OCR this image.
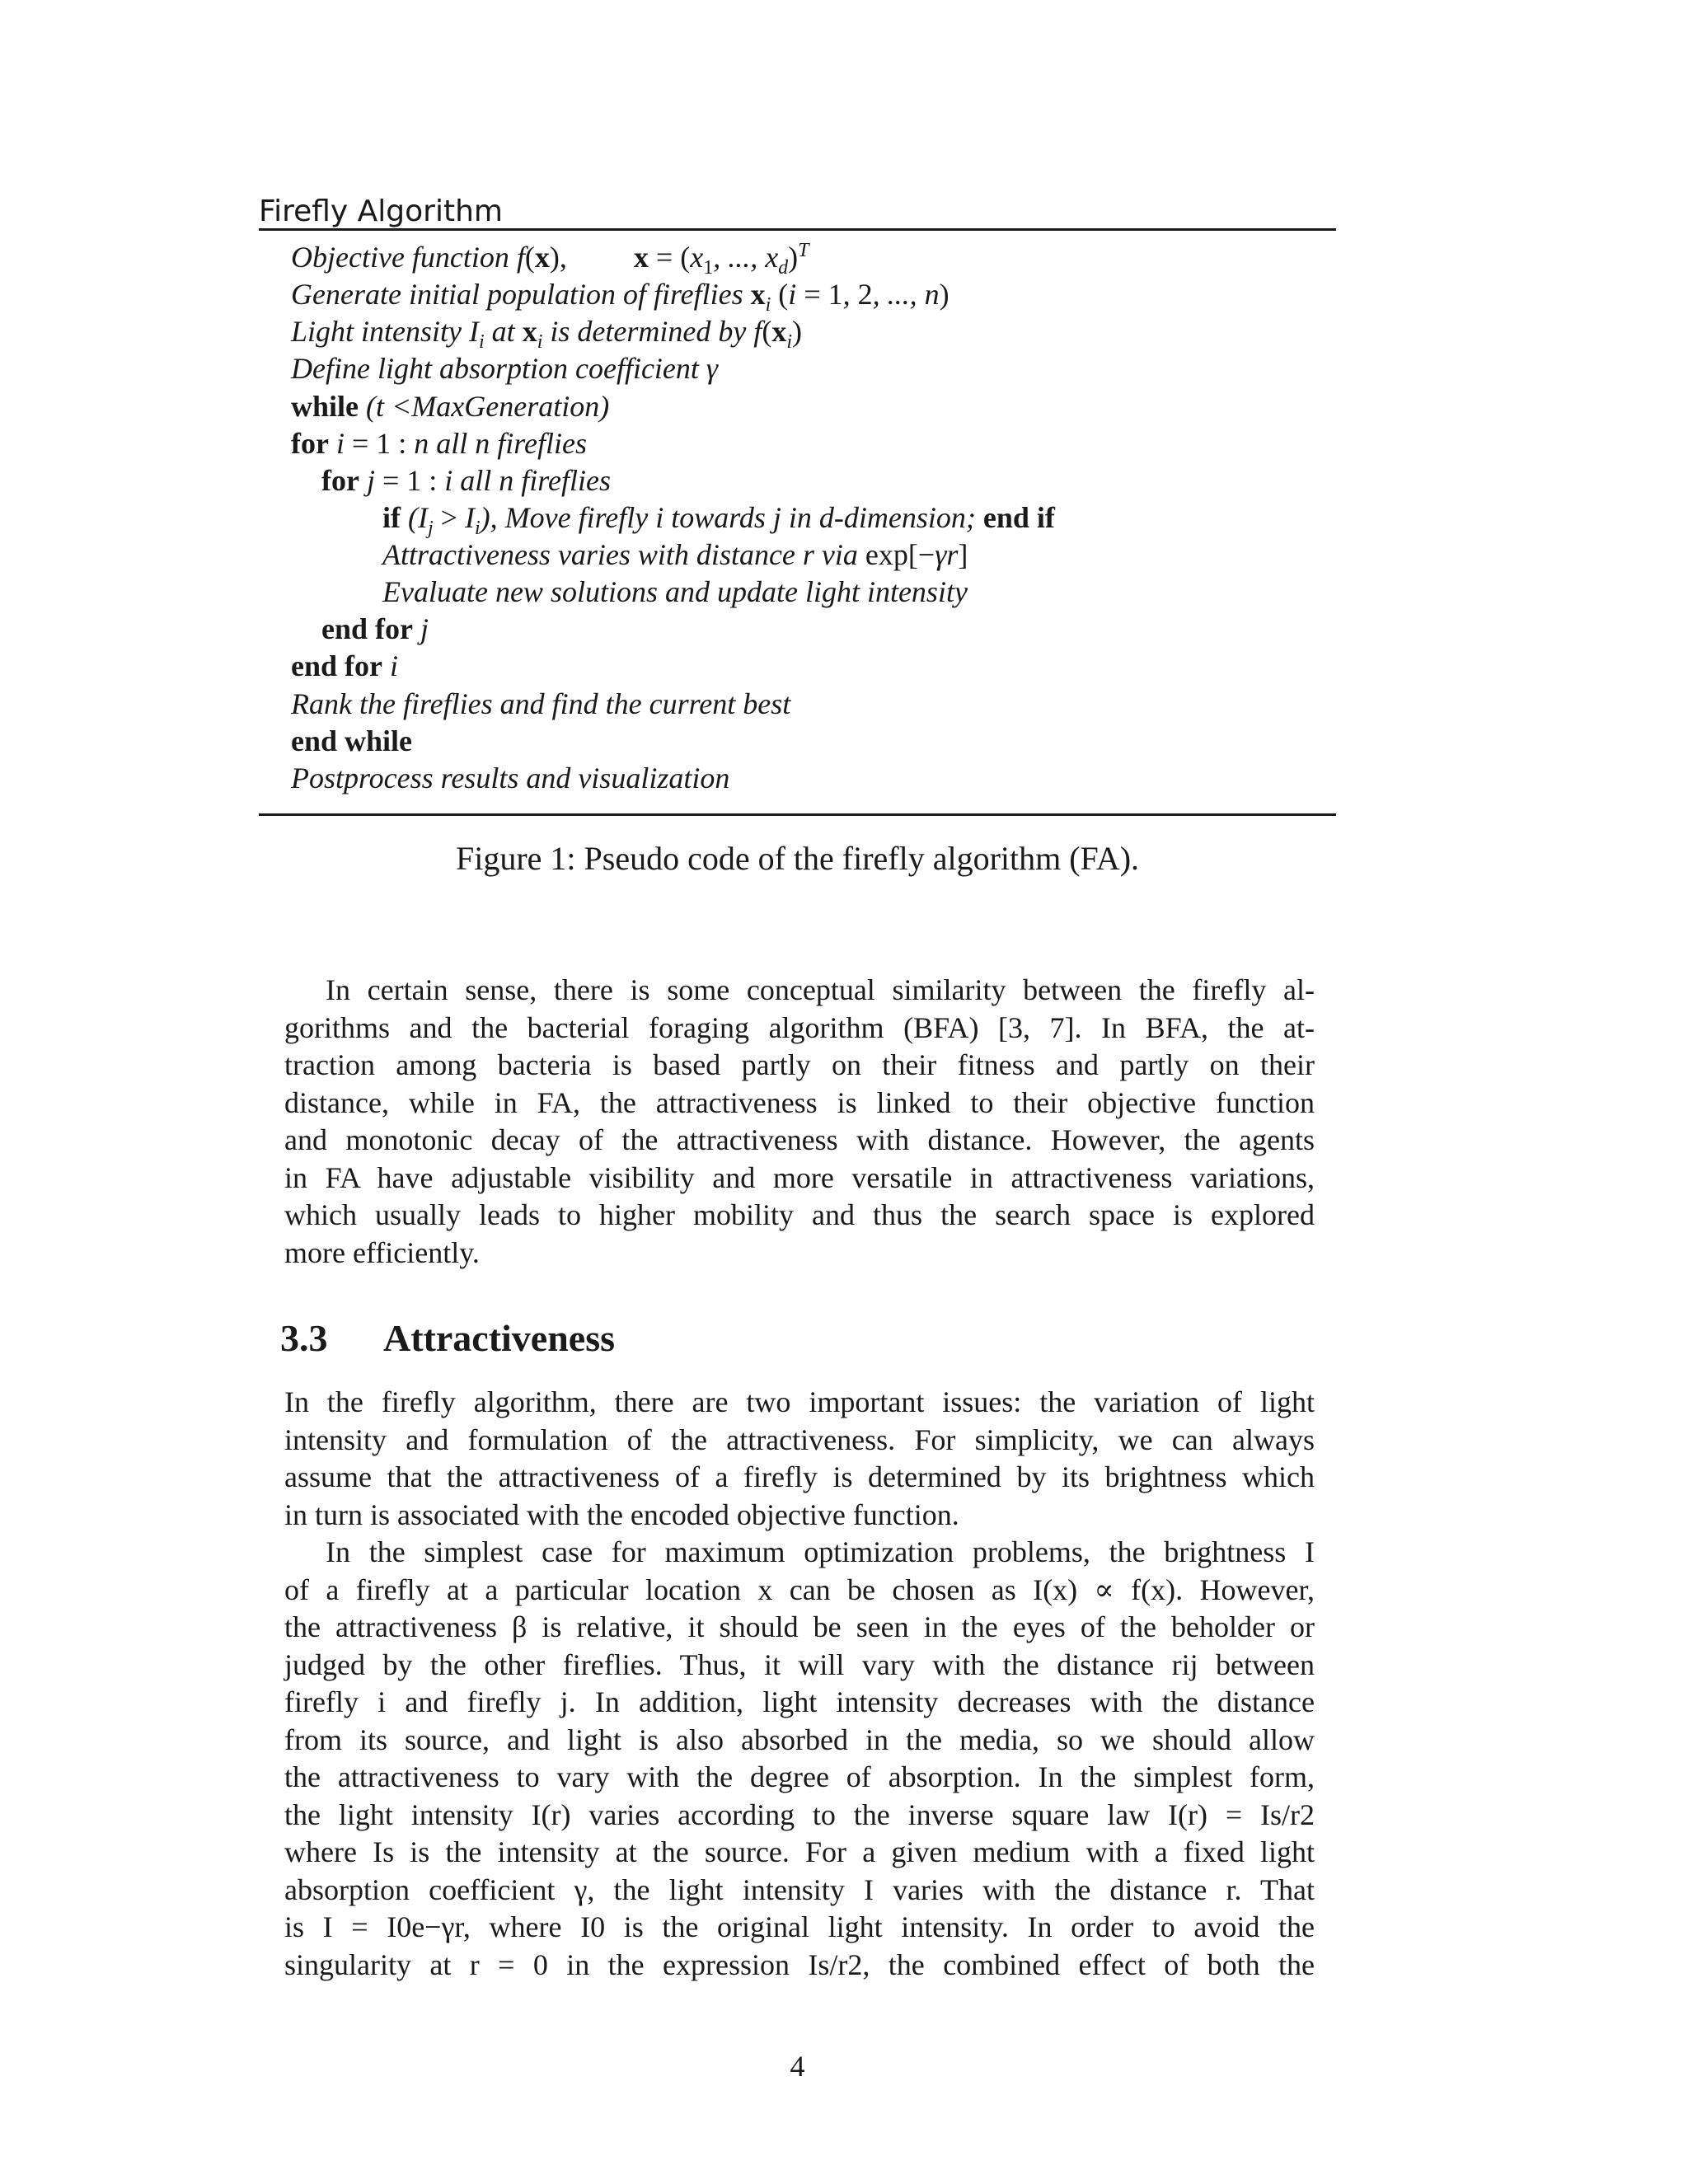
Firefly Algorithm
Objective function f(x),         $x = (x_1$, ..., $x_d)^T$
Generate initial population of fireflies $x_i$ (i = 1, 2, ..., n)
Light intensity $I_i$ at $x_i$ is determined by $f(x_i)$
Define light absorption coefficient γ
while (t <MaxGeneration)
for i = 1 : n all n fireflies
for j = 1 : i all n fireflies
if $(I_j > I_i)$, Move firefly i towards j in d-dimension; end if
Attractiveness varies with distance r via exp[−γr]
Evaluate new solutions and update light intensity
end for j
end for i
Rank the fireflies and find the current best
end while
Postprocess results and visualization
Figure 1: Pseudo code of the firefly algorithm (FA).
In certain sense, there is some conceptual similarity between the firefly al-
gorithms and the bacterial foraging algorithm (BFA) [3, 7]. In BFA, the at-
traction among bacteria is based partly on their fitness and partly on their
distance, while in FA, the attractiveness is linked to their objective function
and monotonic decay of the attractiveness with distance. However, the agents
in FA have adjustable visibility and more versatile in attractiveness variations,
which usually leads to higher mobility and thus the search space is explored
more efficiently.
3.3 Attractiveness
In the firefly algorithm, there are two important issues: the variation of light
intensity and formulation of the attractiveness. For simplicity, we can always
assume that the attractiveness of a firefly is determined by its brightness which
in turn is associated with the encoded objective function.
In the simplest case for maximum optimization problems, the brightness I
of a firefly at a particular location x can be chosen as I(x) ∝ f(x). However,
the attractiveness β is relative, it should be seen in the eyes of the beholder or
judged by the other fireflies. Thus, it will vary with the distance rij between
firefly i and firefly j. In addition, light intensity decreases with the distance
from its source, and light is also absorbed in the media, so we should allow
the attractiveness to vary with the degree of absorption. In the simplest form,
the light intensity I(r) varies according to the inverse square law I(r) = Is/r2
where Is is the intensity at the source. For a given medium with a fixed light
absorption coefficient γ, the light intensity I varies with the distance r. That
is I = I0e−γr, where I0 is the original light intensity. In order to avoid the
singularity at r = 0 in the expression Is/r2, the combined effect of both the
4
